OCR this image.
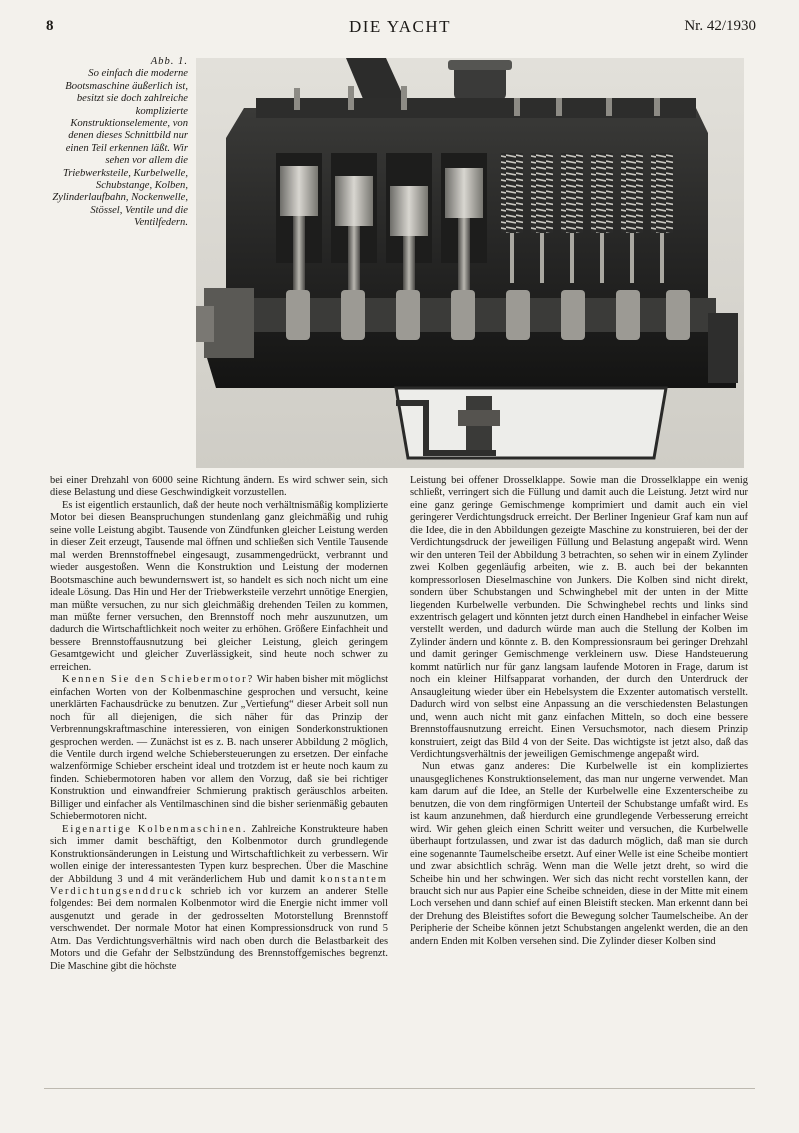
8	DIE YACHT	Nr. 42/1930
Abb. 1.
So einfach die moderne Bootsmaschine äußerlich ist, besitzt sie doch zahlreiche komplizierte Konstruktionselemente, von denen dieses Schnittbild nur einen Teil erkennen läßt. Wir sehen vor allem die Triebwerksteile, Kurbelwelle, Schubstange, Kolben, Zylinderlaufbahn, Nockenwelle, Stössel, Ventile und die Ventilfedern.

bei einer Drehzahl von 6000 seine Richtung ändern. Es wird schwer sein, sich diese Belastung und diese Geschwindigkeit vorzustellen.

Es ist eigentlich erstaunlich, daß der heute noch verhältnismäßig komplizierte Motor bei diesen Beanspruchungen stundenlang ganz gleichmäßig und ruhig seine volle Leistung abgibt. Tausende von Zündfunken gleicher Leistung werden in dieser Zeit erzeugt, Tausende mal öffnen und schließen sich Ventile Tausende mal werden Brennstoffnebel eingesaugt, zusammengedrückt, verbrannt und wieder ausgestoßen. Wenn die Konstruktion und Leistung der modernen Bootsmaschine auch bewundernswert ist, so handelt es sich noch nicht um eine ideale Lösung. Das Hin und Her der Triebwerksteile verzehrt unnötige Energien, man müßte versuchen, zu nur sich gleichmäßig drehenden Teilen zu kommen, man müßte ferner versuchen, den Brennstoff noch mehr auszunutzen, um dadurch die Wirtschaftlichkeit noch weiter zu erhöhen. Größere Einfachheit und bessere Brennstoffausnutzung bei gleicher Leistung, gleich geringem Gesamtgewicht und gleicher Zuverlässigkeit, sind heute noch schwer zu erreichen.

Kennen Sie den Schiebermotor? Wir haben bisher mit möglichst einfachen Worten von der Kolbenmaschine gesprochen und versucht, keine unerklärten Fachausdrücke zu benutzen. Zur „Vertiefung“ dieser Arbeit soll nun noch für all diejenigen, die sich näher für das Prinzip der Verbrennungskraftmaschine interessieren, von einigen Sonderkonstruktionen gesprochen werden. — Zunächst ist es z. B. nach unserer Abbildung 2 möglich, die Ventile durch irgend welche Schiebersteuerungen zu ersetzen. Der einfache walzenförmige Schieber erscheint ideal und trotzdem ist er heute noch kaum zu finden. Schiebermotoren haben vor allem den Vorzug, daß sie bei richtiger Konstruktion und einwandfreier Schmierung praktisch geräuschlos arbeiten. Billiger und einfacher als Ventilmaschinen sind die bisher serienmäßig gebauten Schiebermotoren nicht.

Eigenartige Kolbenmaschinen. Zahlreiche Konstrukteure haben sich immer damit beschäftigt, den Kolbenmotor durch grundlegende Konstruktionsänderungen in Leistung und Wirtschaftlichkeit zu verbessern. Wir wollen einige der interessantesten Typen kurz besprechen. Über die Maschine der Abbildung 3 und 4 mit veränderlichem Hub und damit konstantem Verdichtungsenddruck schrieb ich vor kurzem an anderer Stelle folgendes: Bei dem normalen Kolbenmotor wird die Energie nicht immer voll ausgenutzt und gerade in der gedrosselten Motorstellung Brennstoff verschwendet. Der normale Motor hat einen Kompressionsdruck von rund 5 Atm. Das Verdichtungsverhältnis wird nach oben durch die Belastbarkeit des Motors und die Gefahr der Selbstzündung des Brennstoffgemisches begrenzt. Die Maschine gibt die höchste

Leistung bei offener Drosselklappe. Sowie man die Drosselklappe ein wenig schließt, verringert sich die Füllung und damit auch die Leistung. Jetzt wird nur eine ganz geringe Gemischmenge komprimiert und damit auch ein viel geringerer Verdichtungsdruck erreicht. Der Berliner Ingenieur Graf kam nun auf die Idee, die in den Abbildungen gezeigte Maschine zu konstruieren, bei der der Verdichtungsdruck der jeweiligen Füllung und Belastung angepaßt wird. Wenn wir den unteren Teil der Abbildung 3 betrachten, so sehen wir in einem Zylinder zwei Kolben gegenläufig arbeiten, wie z. B. auch bei der bekannten kompressorlosen Dieselmaschine von Junkers. Die Kolben sind nicht direkt, sondern über Schubstangen und Schwinghebel mit der unten in der Mitte liegenden Kurbelwelle verbunden. Die Schwinghebel rechts und links sind exzentrisch gelagert und könnten jetzt durch einen Handhebel in einfacher Weise verstellt werden, und dadurch würde man auch die Stellung der Kolben im Zylinder ändern und könnte z. B. den Kompressionsraum bei geringer Drehzahl und damit geringer Gemischmenge verkleinern usw. Diese Handsteuerung kommt natürlich nur für ganz langsam laufende Motoren in Frage, darum ist noch ein kleiner Hilfsapparat vorhanden, der durch den Unterdruck der Ansaugleitung wieder über ein Hebelsystem die Exzenter automatisch verstellt. Dadurch wird von selbst eine Anpassung an die verschiedensten Belastungen und, wenn auch nicht mit ganz einfachen Mitteln, so doch eine bessere Brennstoffausnutzung erreicht. Einen Versuchsmotor, nach diesem Prinzip konstruiert, zeigt das Bild 4 von der Seite. Das wichtigste ist jetzt also, daß das Verdichtungsverhältnis der jeweiligen Gemischmenge angepaßt wird.

Nun etwas ganz anderes: Die Kurbelwelle ist ein kompliziertes unausgeglichenes Konstruktionselement, das man nur ungerne verwendet. Man kam darum auf die Idee, an Stelle der Kurbelwelle eine Exzenterscheibe zu benutzen, die von dem ringförmigen Unterteil der Schubstange umfaßt wird. Es ist kaum anzunehmen, daß hierdurch eine grundlegende Verbesserung erreicht wird. Wir gehen gleich einen Schritt weiter und versuchen, die Kurbelwelle überhaupt fortzulassen, und zwar ist das dadurch möglich, daß man sie durch eine sogenannte Taumelscheibe ersetzt. Auf einer Welle ist eine Scheibe montiert und zwar absichtlich schräg. Wenn man die Welle jetzt dreht, so wird die Scheibe hin und her schwingen. Wer sich das nicht recht vorstellen kann, der braucht sich nur aus Papier eine Scheibe schneiden, diese in der Mitte mit einem Loch versehen und dann schief auf einen Bleistift stecken. Man erkennt dann bei der Drehung des Bleistiftes sofort die Bewegung solcher Taumelscheibe. An der Peripherie der Scheibe können jetzt Schubstangen angelenkt werden, die an den andern Enden mit Kolben versehen sind. Die Zylinder dieser Kolben sind
